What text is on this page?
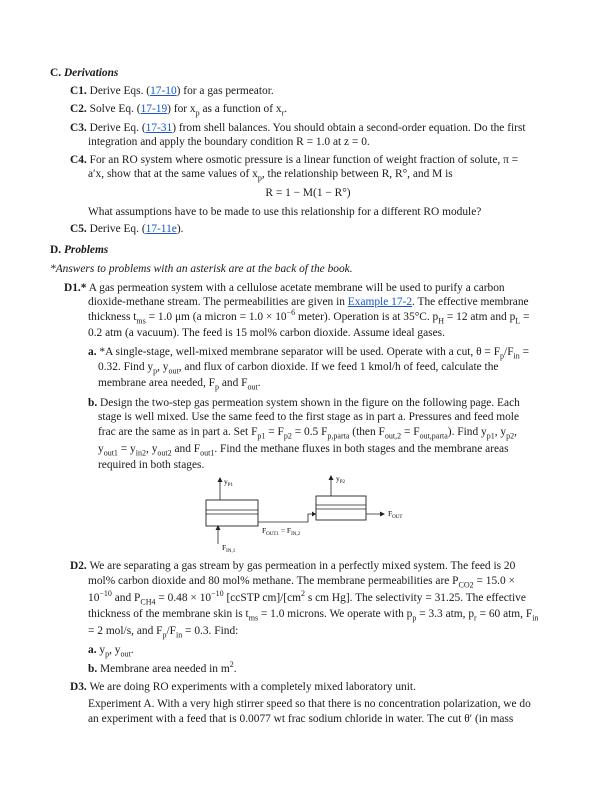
C. Derivations
C1. Derive Eqs. (17-10) for a gas permeator.
C2. Solve Eq. (17-19) for $x_p$ as a function of $x_r$.
C3. Derive Eq. (17-31) from shell balances. You should obtain a second-order equation. Do the first
integration and apply the boundary condition R = 1.0 at z = 0.
C4. For an RO system where osmotic pressure is a linear function of weight fraction of solute, π =
a′x, show that at the same values of $x_p$, the relationship between R, R°, and M is
R = 1 − M(1 − R°)
What assumptions have to be made to use this relationship for a different RO module?
C5. Derive Eq. (17-11e).
D. Problems
*Answers to problems with an asterisk are at the back of the book.
D1.* A gas permeation system with a cellulose acetate membrane will be used to purify a carbon
dioxide-methane stream. The permeabilities are given in Example 17-2. The effective membrane
thickness $t_{ms} = 1.0$ μm (a micron = $1.0 \times 10^{-6}$ meter). Operation is at 35°C. $p_H = 12$ atm and $p_L$ =
0.2 atm (a vacuum). The feed is 15 mol% carbon dioxide. Assume ideal gases.
a. *A single-stage, well-mixed membrane separator will be used. Operate with a cut, $\theta = F_p/F_{in}$ =
0.32. Find $y_p$, $y_{out}$, and flux of carbon dioxide. If we feed 1 kmol/h of feed, calculate the
membrane area needed, $F_p$ and $F_{out}$.
b. Design the two-step gas permeation system shown in the figure on the following page. Each
stage is well mixed. Use the same feed to the first stage as in part a. Pressures and feed mole
frac are the same as in part a. Set $F_{p1} = F_{p2} = 0.5$ $F_{p,parta}$ (then $F_{out,2} = F_{out,parta}$). Find $y_{p1}$, $y_{p2}$,
$y_{out1} = y_{in2}$, $y_{out2}$ and $F_{out1}$. Find the methane fluxes in both stages and the membrane areas
required in both stages.
$y_{P1}$
$y_{P2}$
$F_{OUT}$
$F_{OUT1} = F_{IN,2}$
$F_{IN,1}$
D2. We are separating a gas stream by gas permeation in a perfectly mixed system. The feed is 20
mol% carbon dioxide and 80 mol% methane. The membrane permeabilities are $P_{CO2} = 15.0$ ×
$10^{-10}$ and $P_{CH4} = 0.48 \times 10^{-10}$ [ccSTP $cm]/[cm^2$ s cm Hg]. The selectivity = 31.25. The effective
thickness of the membrane skin is $t_{ms} = 1.0$ microns. We operate with $p_p = 3.3$ atm, $p_r = 60$ atm, $F_{in}$
= 2 mol/s, and $F_p/F_{in} = 0.3$. Find:
a. $y_p$, $y_{out}$.
b. Membrane area needed in $m^2$.
D3. We are doing RO experiments with a completely mixed laboratory unit.
Experiment A. With a very high stirrer speed so that there is no concentration polarization, we do
an experiment with a feed that is 0.0077 wt frac sodium chloride in water. The cut θ′ (in mass
